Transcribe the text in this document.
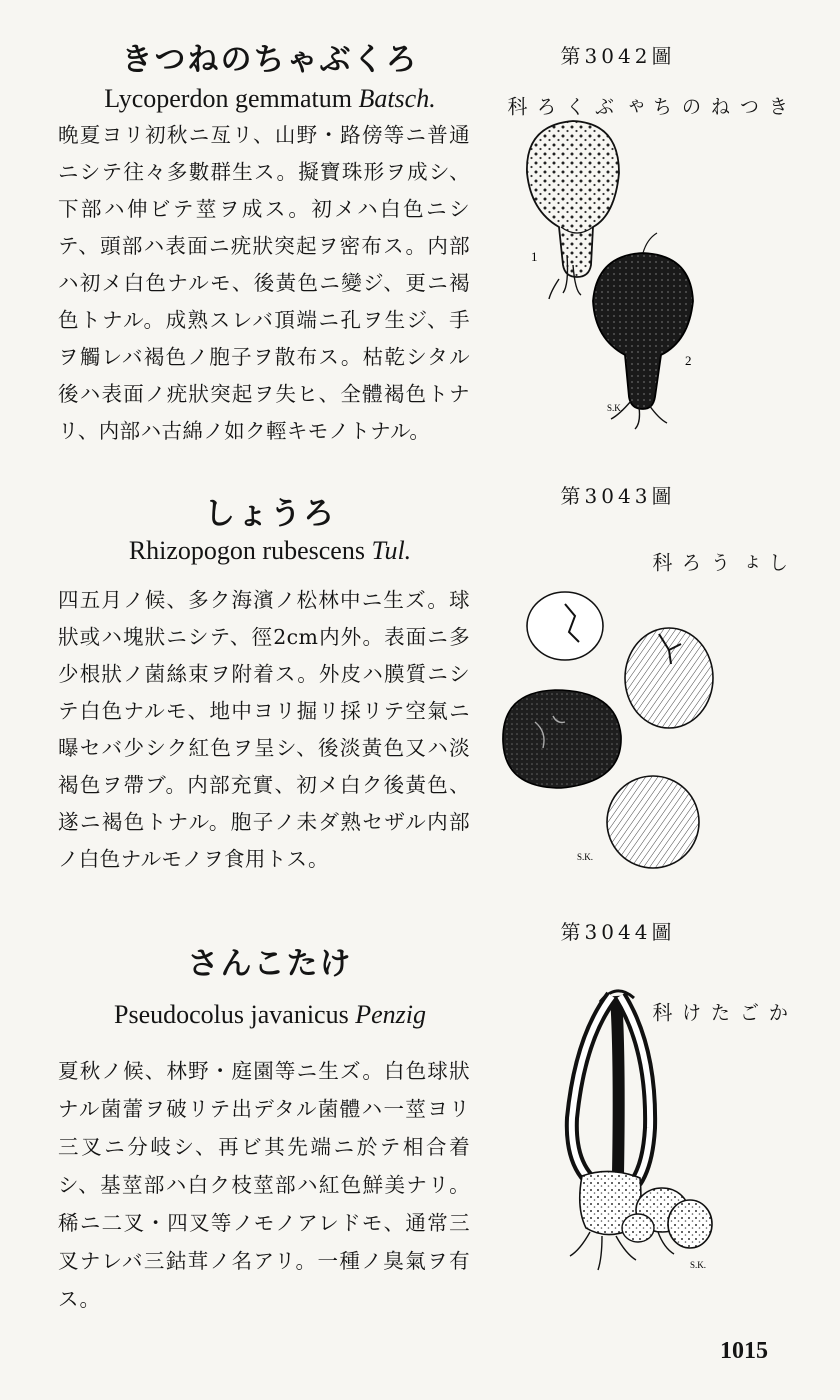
きつねのちゃぶくろ
Lycoperdon gemmatum Batsch.

晩夏ヨリ初秋ニ亙リ、山野・路傍等ニ普通ニシテ往々多數群生ス。擬寶珠形ヲ成シ、下部ハ伸ビテ莖ヲ成ス。初メハ白色ニシテ、頭部ハ表面ニ疣狀突起ヲ密布ス。内部ハ初メ白色ナルモ、後黃色ニ變ジ、更ニ褐色トナル。成熟スレバ頂端ニ孔ヲ生ジ、手ヲ觸レバ褐色ノ胞子ヲ散布ス。枯乾シタル後ハ表面ノ疣狀突起ヲ失ヒ、全體褐色トナリ、内部ハ古綿ノ如ク輕キモノトナル。

第3042圖
きつねのちゃぶくろ科
1
2
S.K.
しょうろ
Rhizopogon rubescens Tul.

四五月ノ候、多ク海濱ノ松林中ニ生ズ。球狀或ハ塊狀ニシテ、徑2cm内外。表面ニ多少根狀ノ菌絲束ヲ附着ス。外皮ハ膜質ニシテ白色ナルモ、地中ヨリ掘リ採リテ空氣ニ曝セバ少シク紅色ヲ呈シ、後淡黃色又ハ淡褐色ヲ帶ブ。内部充實、初メ白ク後黃色、遂ニ褐色トナル。胞子ノ未ダ熟セザル内部ノ白色ナルモノヲ食用トス。

第3043圖
しょうろ科
S.K.
さんこたけ
Pseudocolus javanicus Penzig

夏秋ノ候、林野・庭園等ニ生ズ。白色球狀ナル菌蕾ヲ破リテ出デタル菌體ハ一莖ヨリ三叉ニ分岐シ、再ビ其先端ニ於テ相合着シ、基莖部ハ白ク枝莖部ハ紅色鮮美ナリ。稀ニ二叉・四叉等ノモノアレドモ、通常三叉ナレバ三鈷茸ノ名アリ。一種ノ臭氣ヲ有ス。

第3044圖
かごたけ科
S.K.
1015
